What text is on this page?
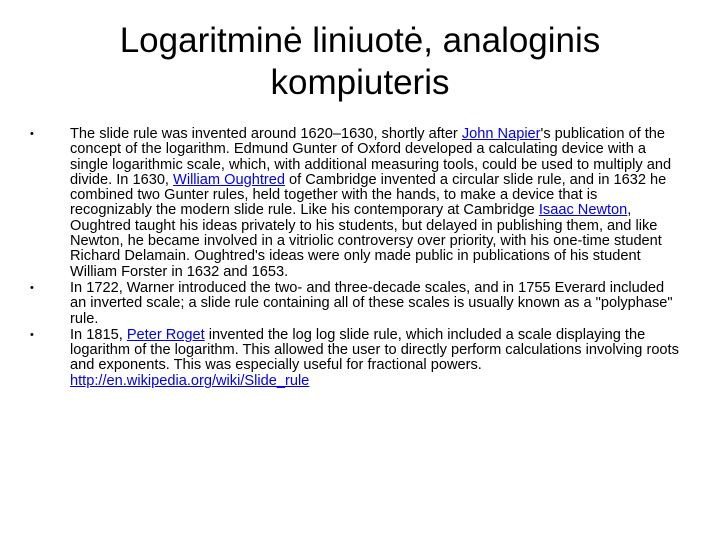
Logaritminė liniuotė, analoginis kompiuteris
• The slide rule was invented around 1620–1630, shortly after John Napier's publication of the concept of the logarithm. Edmund Gunter of Oxford developed a calculating device with a single logarithmic scale, which, with additional measuring tools, could be used to multiply and divide. In 1630, William Oughtred of Cambridge invented a circular slide rule, and in 1632 he combined two Gunter rules, held together with the hands, to make a device that is recognizably the modern slide rule. Like his contemporary at Cambridge Isaac Newton, Oughtred taught his ideas privately to his students, but delayed in publishing them, and like Newton, he became involved in a vitriolic controversy over priority, with his one-time student Richard Delamain. Oughtred's ideas were only made public in publications of his student William Forster in 1632 and 1653.
• In 1722, Warner introduced the two- and three-decade scales, and in 1755 Everard included an inverted scale; a slide rule containing all of these scales is usually known as a "polyphase" rule.
• In 1815, Peter Roget invented the log log slide rule, which included a scale displaying the logarithm of the logarithm. This allowed the user to directly perform calculations involving roots and exponents. This was especially useful for fractional powers. http://en.wikipedia.org/wiki/Slide_rule
